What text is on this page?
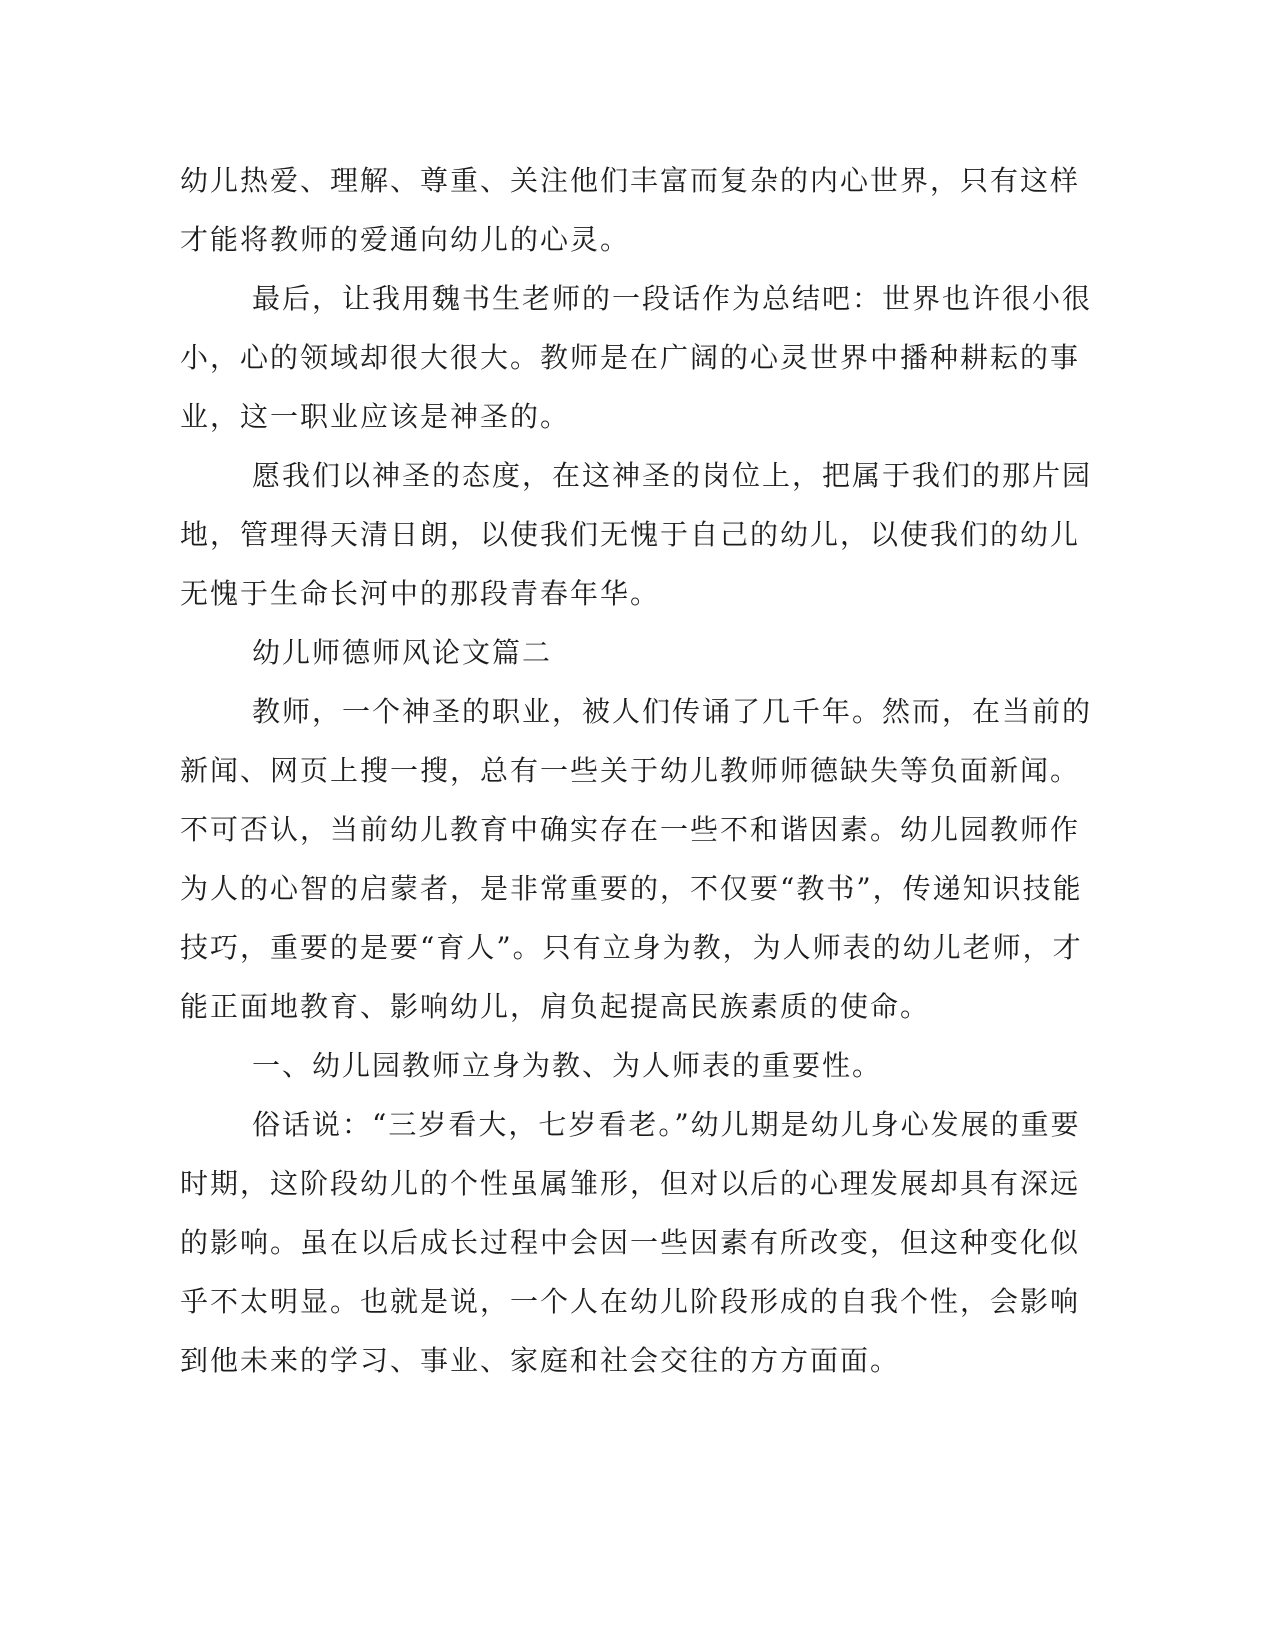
幼儿热爱、理解、尊重、关注他们丰富而复杂的内心世界，只有这样
才能将教师的爱通向幼儿的心灵。
最后，让我用魏书生老师的一段话作为总结吧：世界也许很小很
小，心的领域却很大很大。教师是在广阔的心灵世界中播种耕耘的事
业，这一职业应该是神圣的。
愿我们以神圣的态度，在这神圣的岗位上，把属于我们的那片园
地，管理得天清日朗，以使我们无愧于自己的幼儿，以使我们的幼儿
无愧于生命长河中的那段青春年华。
幼儿师德师风论文篇二
教师，一个神圣的职业，被人们传诵了几千年。然而，在当前的
新闻、网页上搜一搜，总有一些关于幼儿教师师德缺失等负面新闻。
不可否认，当前幼儿教育中确实存在一些不和谐因素。幼儿园教师作
为人的心智的启蒙者，是非常重要的，不仅要“教书”，传递知识技能
技巧，重要的是要“育人”。只有立身为教，为人师表的幼儿老师，才
能正面地教育、影响幼儿，肩负起提高民族素质的使命。
一、幼儿园教师立身为教、为人师表的重要性。
俗话说：“三岁看大，七岁看老。”幼儿期是幼儿身心发展的重要
时期，这阶段幼儿的个性虽属雏形，但对以后的心理发展却具有深远
的影响。虽在以后成长过程中会因一些因素有所改变，但这种变化似
乎不太明显。也就是说，一个人在幼儿阶段形成的自我个性，会影响
到他未来的学习、事业、家庭和社会交往的方方面面。
